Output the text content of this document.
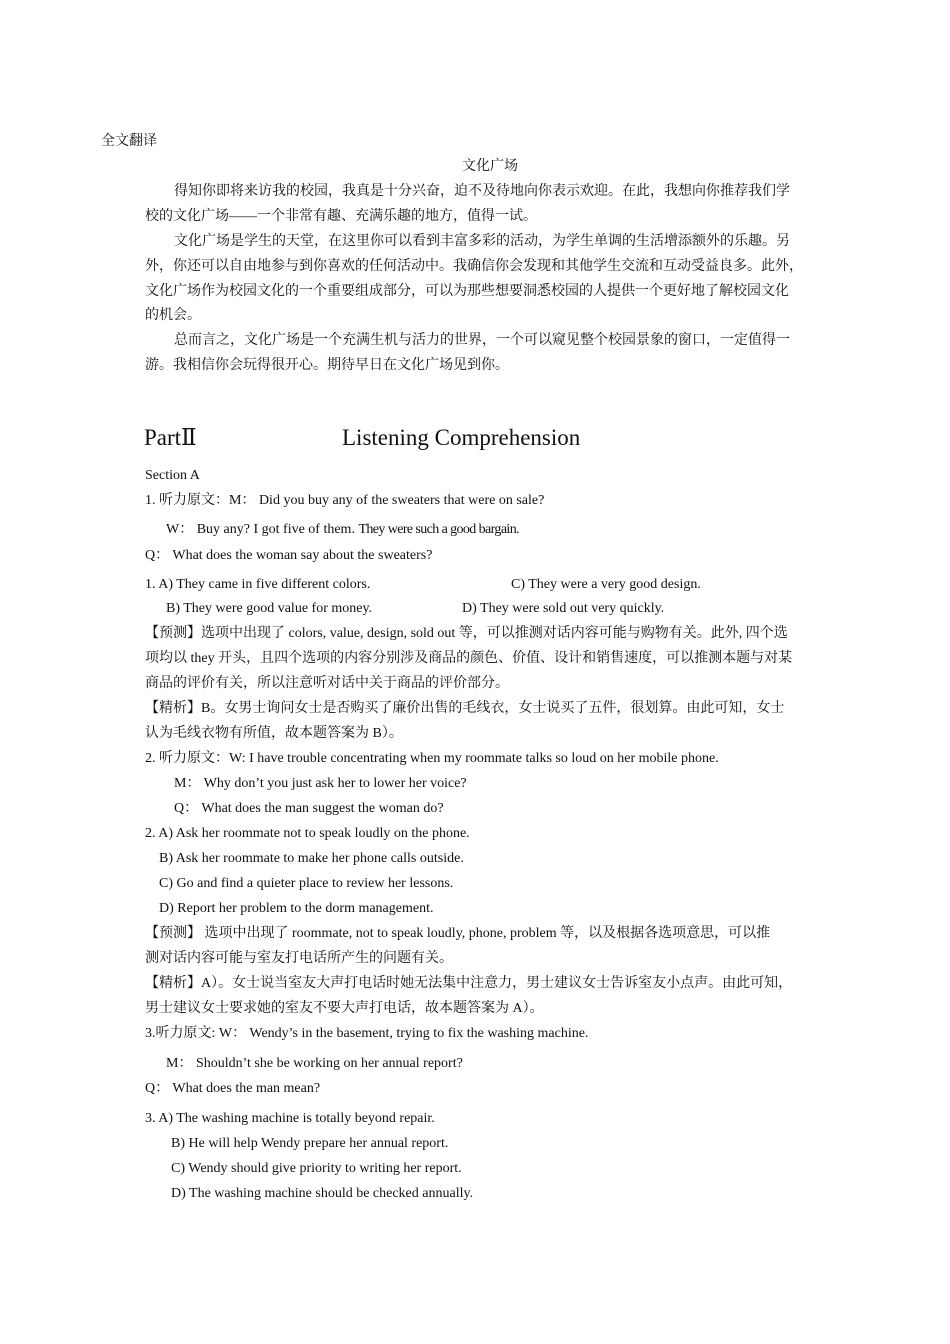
全文翻译
文化广场
得知你即将来访我的校园，我真是十分兴奋，迫不及待地向你表示欢迎。在此，我想向你推荐我们学
校的文化广场——一个非常有趣、充满乐趣的地方，值得一试。
文化广场是学生的天堂，在这里你可以看到丰富多彩的活动，为学生单调的生活增添额外的乐趣。另
外，你还可以自由地参与到你喜欢的任何活动中。我确信你会发现和其他学生交流和互动受益良多。此外，
文化广场作为校园文化的一个重要组成部分，可以为那些想要洞悉校园的人提供一个更好地了解校园文化
的机会。
总而言之，文化广场是一个充满生机与活力的世界，一个可以窥见整个校园景象的窗口，一定值得一
游。我相信你会玩得很开心。期待早日在文化广场见到你。
PartⅡ	Listening Comprehension
Section A
1. 听力原文：M： Did you buy any of the sweaters that were on sale?
W： Buy any? I got five of them. They were such a good bargain.
Q： What does the woman say about the sweaters?
1. A) They came in five different colors.	C) They were a very good design.
B) They were good value for money.	D) They were sold out very quickly.
【预测】选项中出现了 colors, value, design, sold out 等，可以推测对话内容可能与购物有关。此外, 四个选
项均以 they 开头，且四个选项的内容分别涉及商品的颜色、价值、设计和销售速度，可以推测本题与对某
商品的评价有关，所以注意听对话中关于商品的评价部分。
【精析】B。女男士询问女士是否购买了廉价出售的毛线衣，女士说买了五件，很划算。由此可知，女士
认为毛线衣物有所值，故本题答案为 B）。
2. 听力原文：W: I have trouble concentrating when my roommate talks so loud on her mobile phone.
M： Why don’t you just ask her to lower her voice?
Q： What does the man suggest the woman do?
2. A) Ask her roommate not to speak loudly on the phone.
B) Ask her roommate to make her phone calls outside.
C) Go and find a quieter place to review her lessons.
D) Report her problem to the dorm management.
【预测】 选项中出现了 roommate, not to speak loudly, phone, problem 等，以及根据各选项意思，可以推
测对话内容可能与室友打电话所产生的问题有关。
【精析】A）。女士说当室友大声打电话时她无法集中注意力，男士建议女士告诉室友小点声。由此可知，
男士建议女士要求她的室友不要大声打电话，故本题答案为 A）。
3.听力原文: W： Wendy’s in the basement, trying to fix the washing machine.
M： Shouldn’t she be working on her annual report?
Q： What does the man mean?
3. A) The washing machine is totally beyond repair.
B) He will help Wendy prepare her annual report.
C) Wendy should give priority to writing her report.
D) The washing machine should be checked annually.
